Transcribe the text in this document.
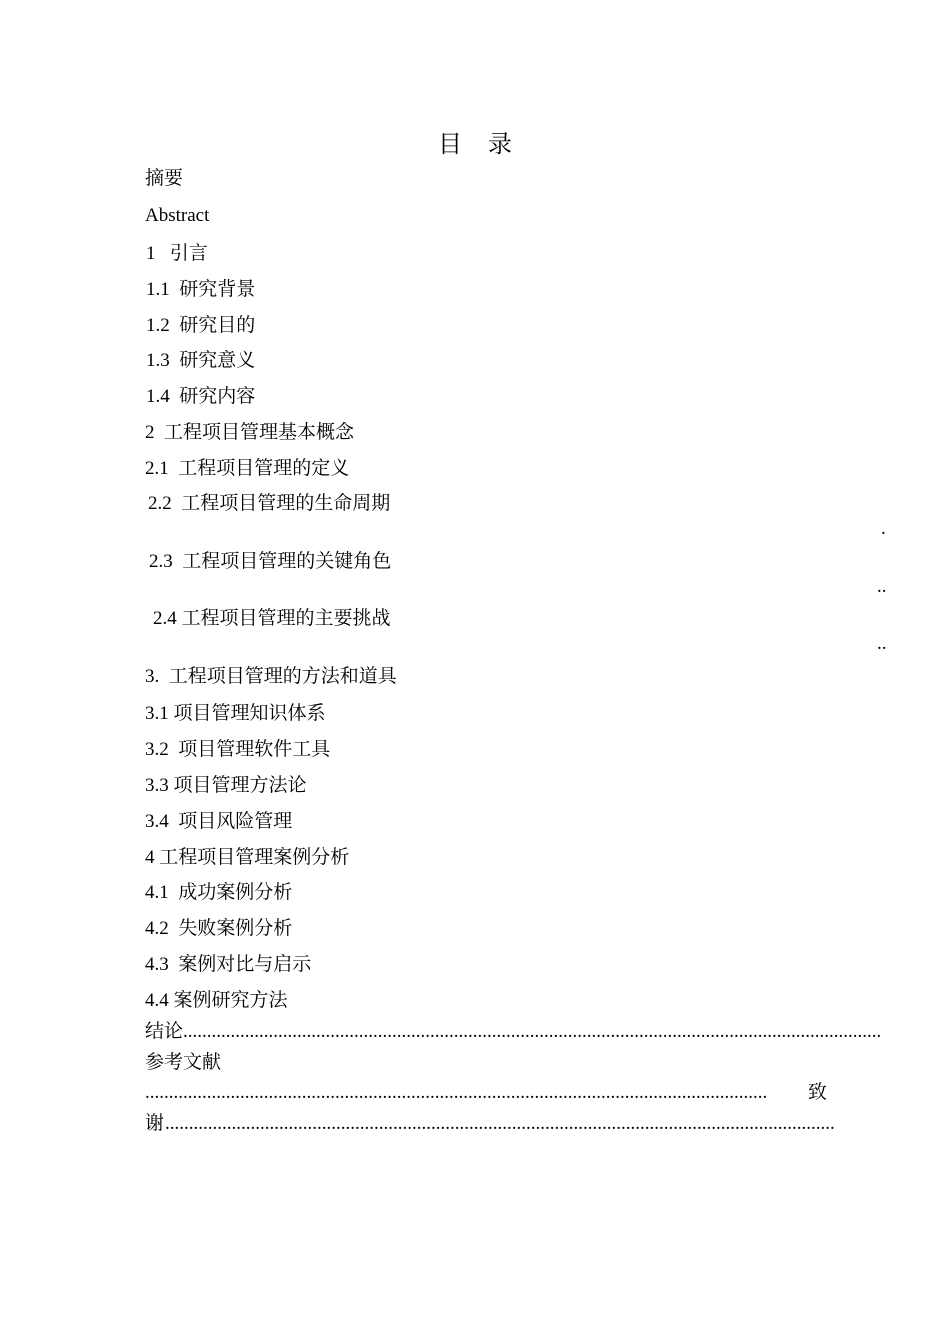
目 录
摘要
Abstract
1   引言
1.1  研究背景
1.2  研究目的
1.3  研究意义
1.4  研究内容
2  工程项目管理基本概念
2.1  工程项目管理的定义
2.2  工程项目管理的生命周期
.
2.3  工程项目管理的关键角色
..
2.4 工程项目管理的主要挑战
..
3.  工程项目管理的方法和道具
3.1 项目管理知识体系
3.2  项目管理软件工具
3.3 项目管理方法论
3.4  项目风险管理
4 工程项目管理案例分析
4.1  成功案例分析
4.2  失败案例分析
4.3  案例对比与启示
4.4 案例研究方法
结论 ...................................................................................................................................................
参考文献
...................................................................................................................................	致
谢 .............................................................................................................................................
